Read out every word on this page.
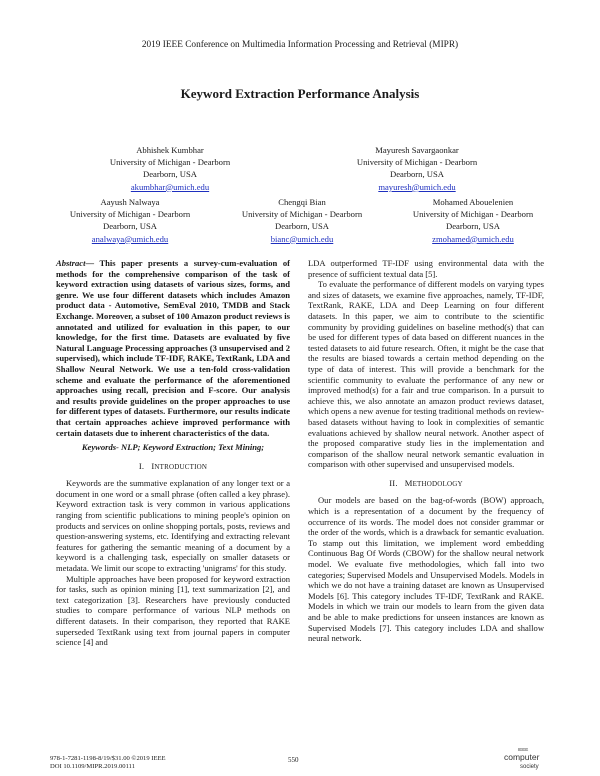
2019 IEEE Conference on Multimedia Information Processing and Retrieval (MIPR)
Keyword Extraction Performance Analysis
Abhishek Kumbhar
University of Michigan - Dearborn
Dearborn, USA
akumbhar@umich.edu
Mayuresh Savargaonkar
University of Michigan - Dearborn
Dearborn, USA
mayuresh@umich.edu
Aayush Nalwaya
University of Michigan - Dearborn
Dearborn, USA
analwaya@umich.edu
Chengqi Bian
University of Michigan - Dearborn
Dearborn, USA
bianc@umich.edu
Mohamed Abouelenien
University of Michigan - Dearborn
Dearborn, USA
zmohamed@umich.edu

Abstract— This paper presents a survey-cum-evaluation of methods for the comprehensive comparison of the task of keyword extraction using datasets of various sizes, forms, and genre. We use four different datasets which includes Amazon product data - Automotive, SemEval 2010, TMDB and Stack Exchange. Moreover, a subset of 100 Amazon product reviews is annotated and utilized for evaluation in this paper, to our knowledge, for the first time. Datasets are evaluated by five Natural Language Processing approaches (3 unsupervised and 2 supervised), which include TF-IDF, RAKE, TextRank, LDA and Shallow Neural Network. We use a ten-fold cross-validation scheme and evaluate the performance of the aforementioned approaches using recall, precision and F-score. Our analysis and results provide guidelines on the proper approaches to use for different types of datasets. Furthermore, our results indicate that certain approaches achieve improved performance with certain datasets due to inherent characteristics of the data.

Keywords- NLP; Keyword Extraction; Text Mining;

I. INTRODUCTION

Keywords are the summative explanation of any longer text or a document in one word or a small phrase (often called a key phrase). Keyword extraction task is very common in various applications ranging from scientific publications to mining people's opinion on products and services on online shopping portals, posts, reviews and question-answering systems, etc. Identifying and extracting relevant features for gathering the semantic meaning of a document by a keyword is a challenging task, especially on smaller datasets or metadata. We limit our scope to extracting 'unigrams' for this study.

Multiple approaches have been proposed for keyword extraction for tasks, such as opinion mining [1], text summarization [2], and text categorization [3]. Researchers have previously conducted studies to compare performance of various NLP methods on different datasets. In their comparison, they reported that RAKE superseded TextRank using text from journal papers in computer science [4] and

LDA outperformed TF-IDF using environmental data with the presence of sufficient textual data [5].

To evaluate the performance of different models on varying types and sizes of datasets, we examine five approaches, namely, TF-IDF, TextRank, RAKE, LDA and Deep Learning on four different datasets. In this paper, we aim to contribute to the scientific community by providing guidelines on baseline method(s) that can be used for different types of data based on different nuances in the tested datasets to aid future research. Often, it might be the case that the results are biased towards a certain method depending on the type of data of interest. This will provide a benchmark for the scientific community to evaluate the performance of any new or improved method(s) for a fair and true comparison. In a pursuit to achieve this, we also annotate an amazon product reviews dataset, which opens a new avenue for testing traditional methods on review-based datasets without having to look in complexities of semantic evaluations achieved by shallow neural network. Another aspect of the proposed comparative study lies in the implementation and comparison of the shallow neural network semantic evaluation in comparison with other supervised and unsupervised models.

II. METHODOLOGY

Our models are based on the bag-of-words (BOW) approach, which is a representation of a document by the frequency of occurrence of its words. The model does not consider grammar or the order of the words, which is a drawback for semantic evaluation. To stamp out this limitation, we implement word embedding Continuous Bag Of Words (CBOW) for the shallow neural network model. We evaluate five methodologies, which fall into two categories; Supervised Models and Unsupervised Models. Models in which we do not have a training dataset are known as Unsupervised Models [6]. This category includes TF-IDF, TextRank and RAKE. Models in which we train our models to learn from the given data and be able to make predictions for unseen instances are known as Supervised Models [7]. This category includes LDA and shallow neural network.

978-1-7281-1198-8/19/$31.00 ©2019 IEEE
DOI 10.1109/MIPR.2019.00111
550
IEEE
computer
society
